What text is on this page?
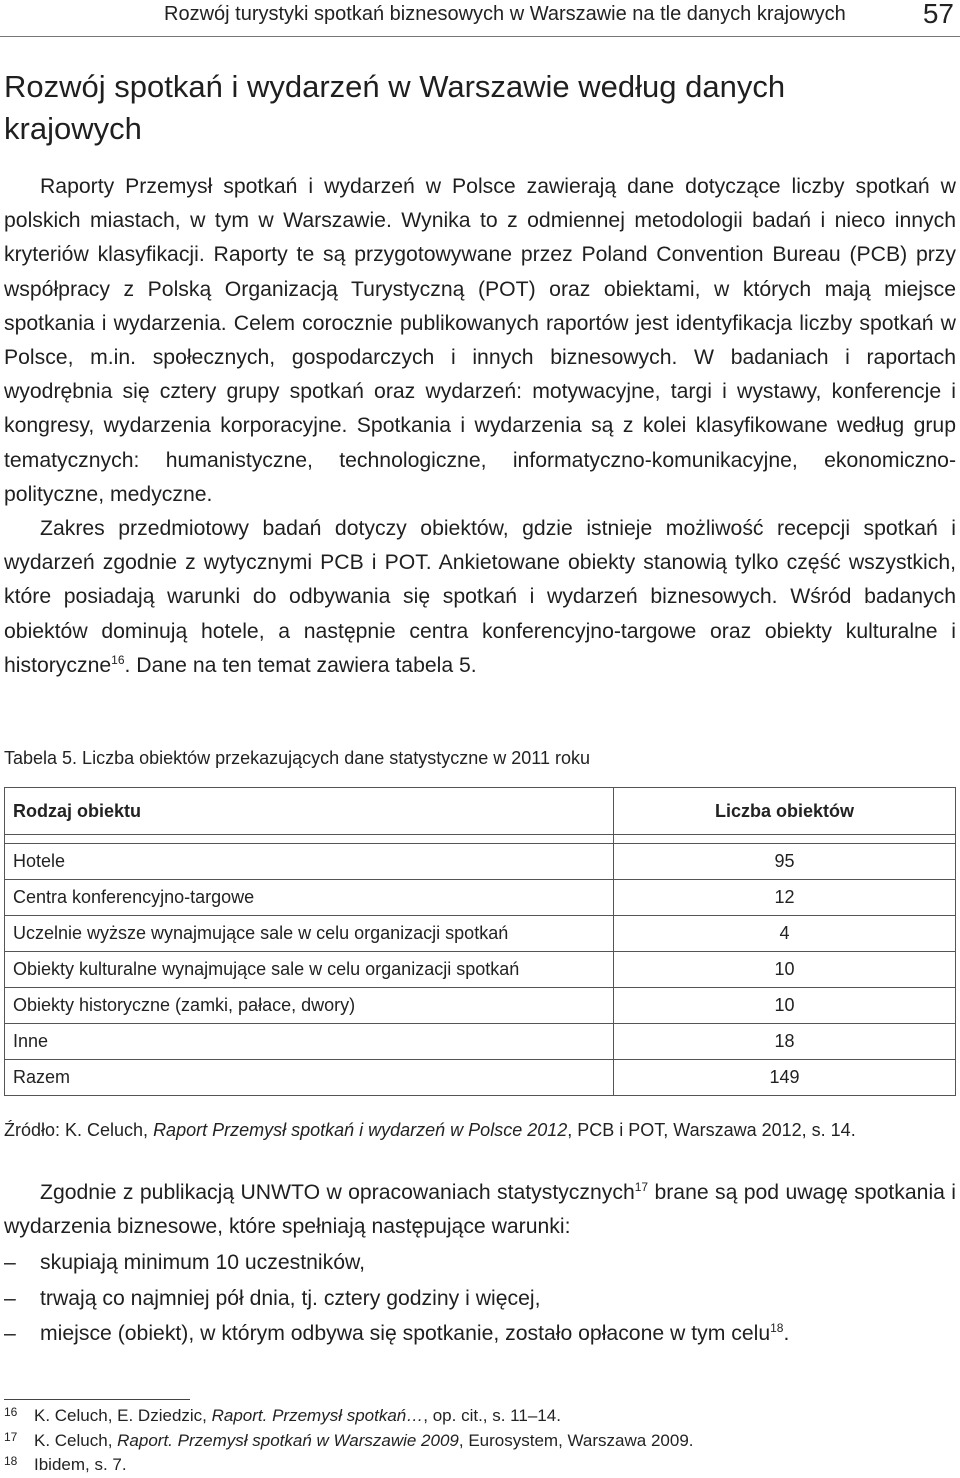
Rozwój turystyki spotkań biznesowych w Warszawie na tle danych krajowych	57
Rozwój spotkań i wydarzeń w Warszawie według danych krajowych

Raporty Przemysł spotkań i wydarzeń w Polsce zawierają dane dotyczące liczby spotkań w polskich miastach, w tym w Warszawie. Wynika to z odmiennej metodologii badań i nieco innych kryteriów klasyfikacji. Raporty te są przygotowywane przez Poland Convention Bureau (PCB) przy współpracy z Polską Organizacją Turystyczną (POT) oraz obiektami, w których mają miejsce spotkania i wydarzenia. Celem corocznie publikowanych raportów jest identyfikacja liczby spotkań w Polsce, m.in. społecznych, gospodarczych i innych biznesowych. W badaniach i raportach wyodrębnia się cztery grupy spotkań oraz wydarzeń: motywacyjne, targi i wystawy, konferencje i kongresy, wydarzenia korporacyjne. Spotkania i wydarzenia są z kolei klasyfikowane według grup tematycznych: humanistyczne, technologiczne, informatyczno-komunikacyjne, ekonomiczno-polityczne, medyczne.

Zakres przedmiotowy badań dotyczy obiektów, gdzie istnieje możliwość recepcji spotkań i wydarzeń zgodnie z wytycznymi PCB i POT. Ankietowane obiekty stanowią tylko część wszystkich, które posiadają warunki do odbywania się spotkań i wydarzeń biznesowych. Wśród badanych obiektów dominują hotele, a następnie centra konferencyjno-targowe oraz obiekty kulturalne i historyczne$^{16}$. Dane na ten temat zawiera tabela 5.

Tabela 5. Liczba obiektów przekazujących dane statystyczne w 2011 roku
Rodzaj obiektu	Liczba obiektów

Hotele	95
Centra konferencyjno-targowe	12
Uczelnie wyższe wynajmujące sale w celu organizacji spotkań	4
Obiekty kulturalne wynajmujące sale w celu organizacji spotkań	10
Obiekty historyczne (zamki, pałace, dwory)	10
Inne	18
Razem	149
Źródło: K. Celuch, Raport Przemysł spotkań i wydarzeń w Polsce 2012, PCB i POT, Warszawa 2012, s. 14.

Zgodnie z publikacją UNWTO w opracowaniach statystycznych$^{17}$ brane są pod uwagę spotkania i wydarzenia biznesowe, które spełniają następujące warunki:

– skupiają minimum 10 uczestników,
– trwają co najmniej pół dnia, tj. cztery godziny i więcej,
– miejsce (obiekt), w którym odbywa się spotkanie, zostało opłacone w tym celu$^{18}$.
16 K. Celuch, E. Dziedzic, Raport. Przemysł spotkań…, op. cit., s. 11–14.
17 K. Celuch, Raport. Przemysł spotkań w Warszawie 2009, Eurosystem, Warszawa 2009.
18 Ibidem, s. 7.
